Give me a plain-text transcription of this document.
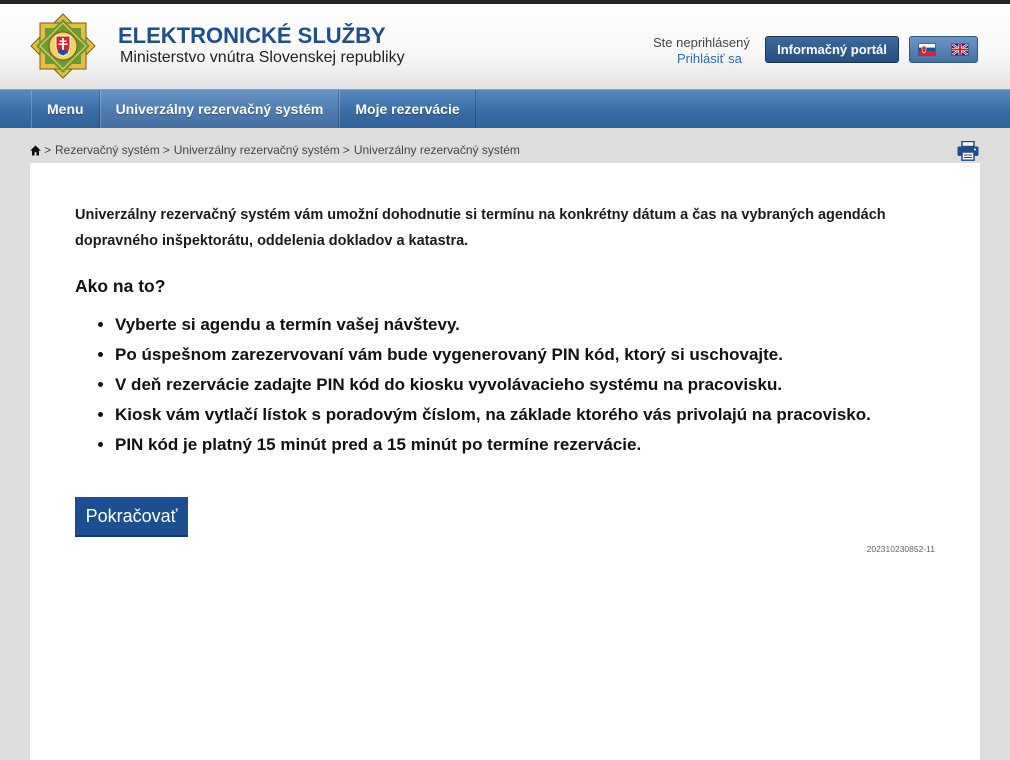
ELEKTRONICKÉ SLUŽBY
Ministerstvo vnútra Slovenskej republiky
Ste neprihlásený
Prihlásiť sa
Informačný portál
Menu	Univerzálny rezervačný systém	Moje rezervácie
> Rezervačný systém > Univerzálny rezervačný systém > Univerzálny rezervačný systém

Univerzálny rezervačný systém vám umožní dohodnutie si termínu na konkrétny dátum a čas na vybraných agendách dopravného inšpektorátu, oddelenia dokladov a katastra.

Ako na to?
• Vyberte si agendu a termín vašej návštevy.
• Po úspešnom zarezervovaní vám bude vygenerovaný PIN kód, ktorý si uschovajte.
• V deň rezervácie zadajte PIN kód do kiosku vyvolávacieho systému na pracovisku.
• Kiosk vám vytlačí lístok s poradovým číslom, na základe ktorého vás privolajú na pracovisko.
• PIN kód je platný 15 minút pred a 15 minút po termíne rezervácie.
Pokračovať
202310230852-11
